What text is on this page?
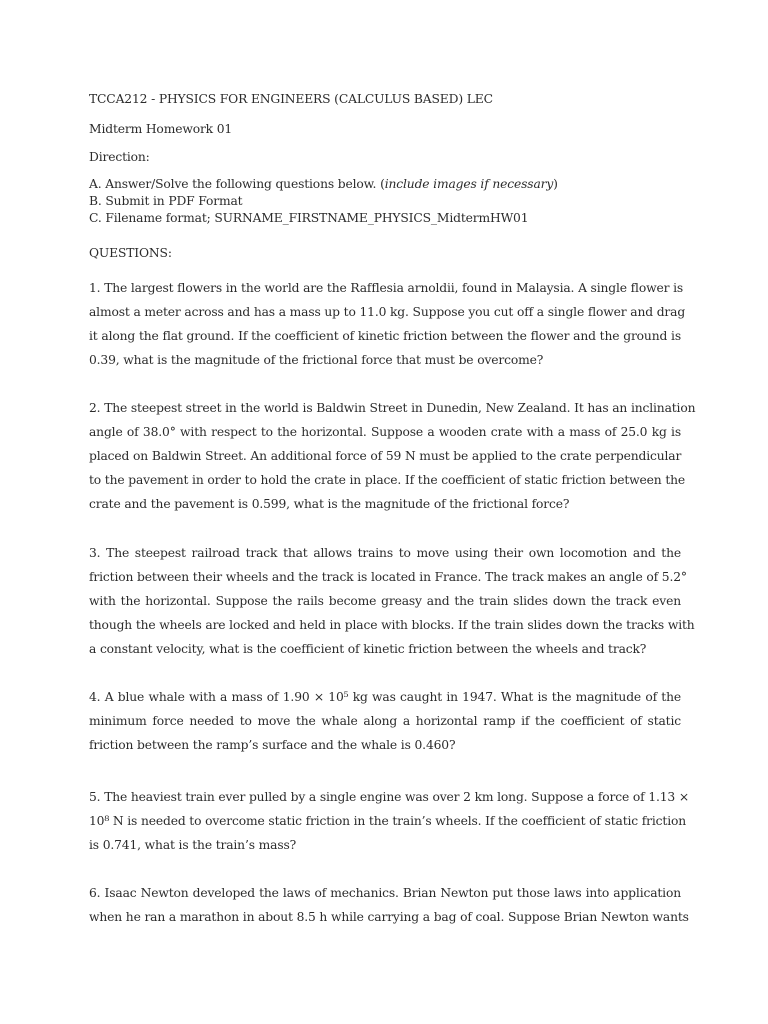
TCCA212 - PHYSICS FOR ENGINEERS (CALCULUS BASED) LEC
Midterm Homework 01
Direction:
A. Answer/Solve the following questions below. (include images if necessary)
B. Submit in PDF Format
C. Filename format; SURNAME_FIRSTNAME_PHYSICS_MidtermHW01
QUESTIONS:
1. The largest flowers in the world are the Rafflesia arnoldii, found in Malaysia. A single flower is
almost a meter across and has a mass up to 11.0 kg. Suppose you cut off a single flower and drag
it along the flat ground. If the coefficient of kinetic friction between the flower and the ground is
0.39, what is the magnitude of the frictional force that must be overcome?
2. The steepest street in the world is Baldwin Street in Dunedin, New Zealand. It has an inclination
angle of 38.0° with respect to the horizontal. Suppose a wooden crate with a mass of 25.0 kg is
placed on Baldwin Street. An additional force of 59 N must be applied to the crate perpendicular
to the pavement in order to hold the crate in place. If the coefficient of static friction between the
crate and the pavement is 0.599, what is the magnitude of the frictional force?
3. The steepest railroad track that allows trains to move using their own locomotion and the
friction between their wheels and the track is located in France. The track makes an angle of 5.2°
with the horizontal. Suppose the rails become greasy and the train slides down the track even
though the wheels are locked and held in place with blocks. If the train slides down the tracks with
a constant velocity, what is the coefficient of kinetic friction between the wheels and track?
4. A blue whale with a mass of 1.90 × 10⁵ kg was caught in 1947. What is the magnitude of the
minimum force needed to move the whale along a horizontal ramp if the coefficient of static
friction between the ramp’s surface and the whale is 0.460?
5. The heaviest train ever pulled by a single engine was over 2 km long. Suppose a force of 1.13 ×
10⁸ N is needed to overcome static friction in the train’s wheels. If the coefficient of static friction
is 0.741, what is the train’s mass?
6. Isaac Newton developed the laws of mechanics. Brian Newton put those laws into application
when he ran a marathon in about 8.5 h while carrying a bag of coal. Suppose Brian Newton wants
